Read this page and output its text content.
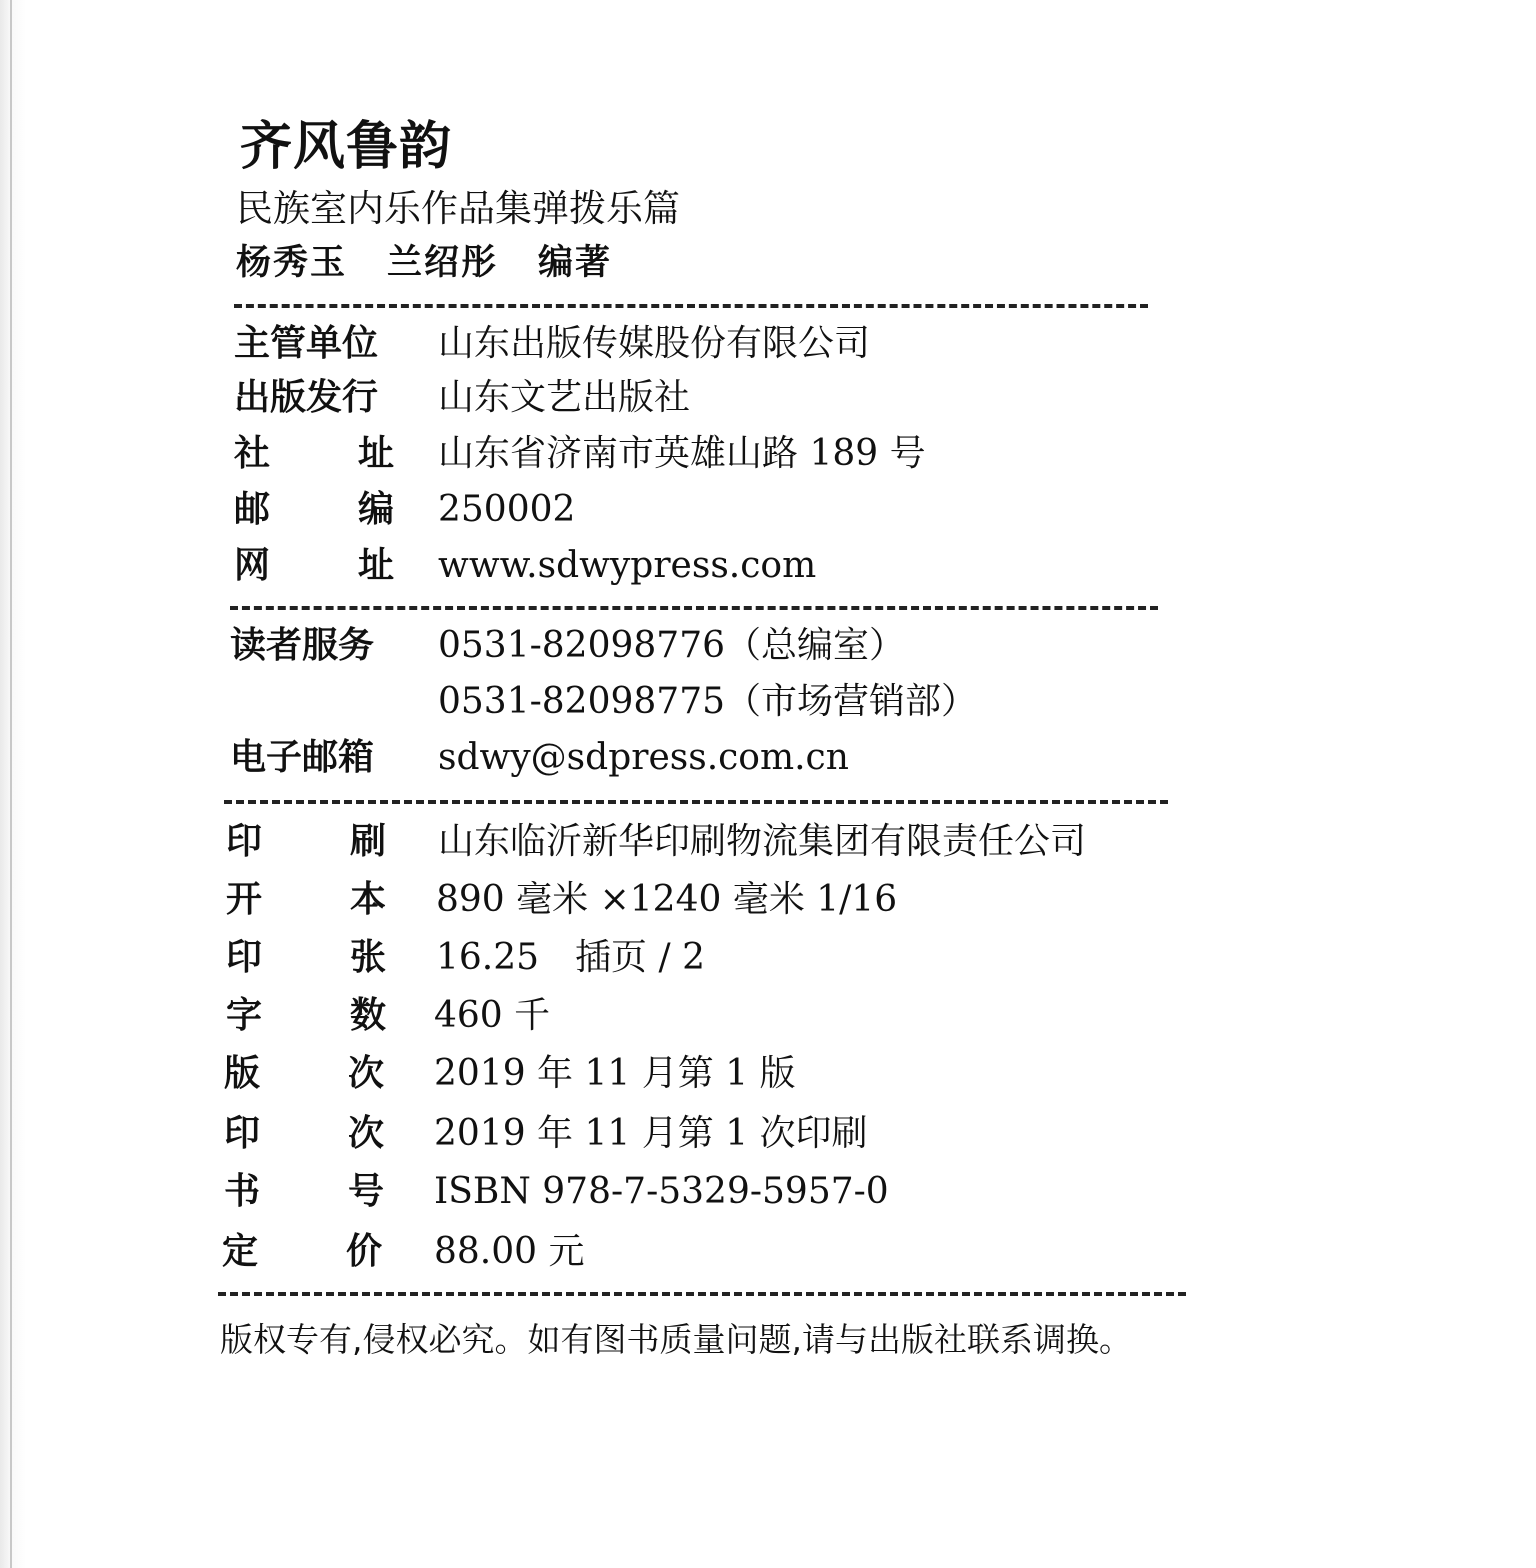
齐风鲁韵
民族室内乐作品集弹拨乐篇
杨秀玉 兰绍彤 编著
主管单位 山东出版传媒股份有限公司
出版发行 山东文艺出版社
社 址 山东省济南市英雄山路 189 号
邮 编 250002
网 址 www.sdwypress.com
读者服务 0531-82098776（总编室）
0531-82098775（市场营销部）
电子邮箱 sdwy@sdpress.com.cn
印 刷 山东临沂新华印刷物流集团有限责任公司
开 本 890 毫米 ×1240 毫米 1/16
印 张 16.25　插页 / 2
字 数 460 千
版 次 2019 年 11 月第 1 版
印 次 2019 年 11 月第 1 次印刷
书 号 ISBN 978-7-5329-5957-0
定 价 88.00 元
版权专有,侵权必究。如有图书质量问题,请与出版社联系调换。
